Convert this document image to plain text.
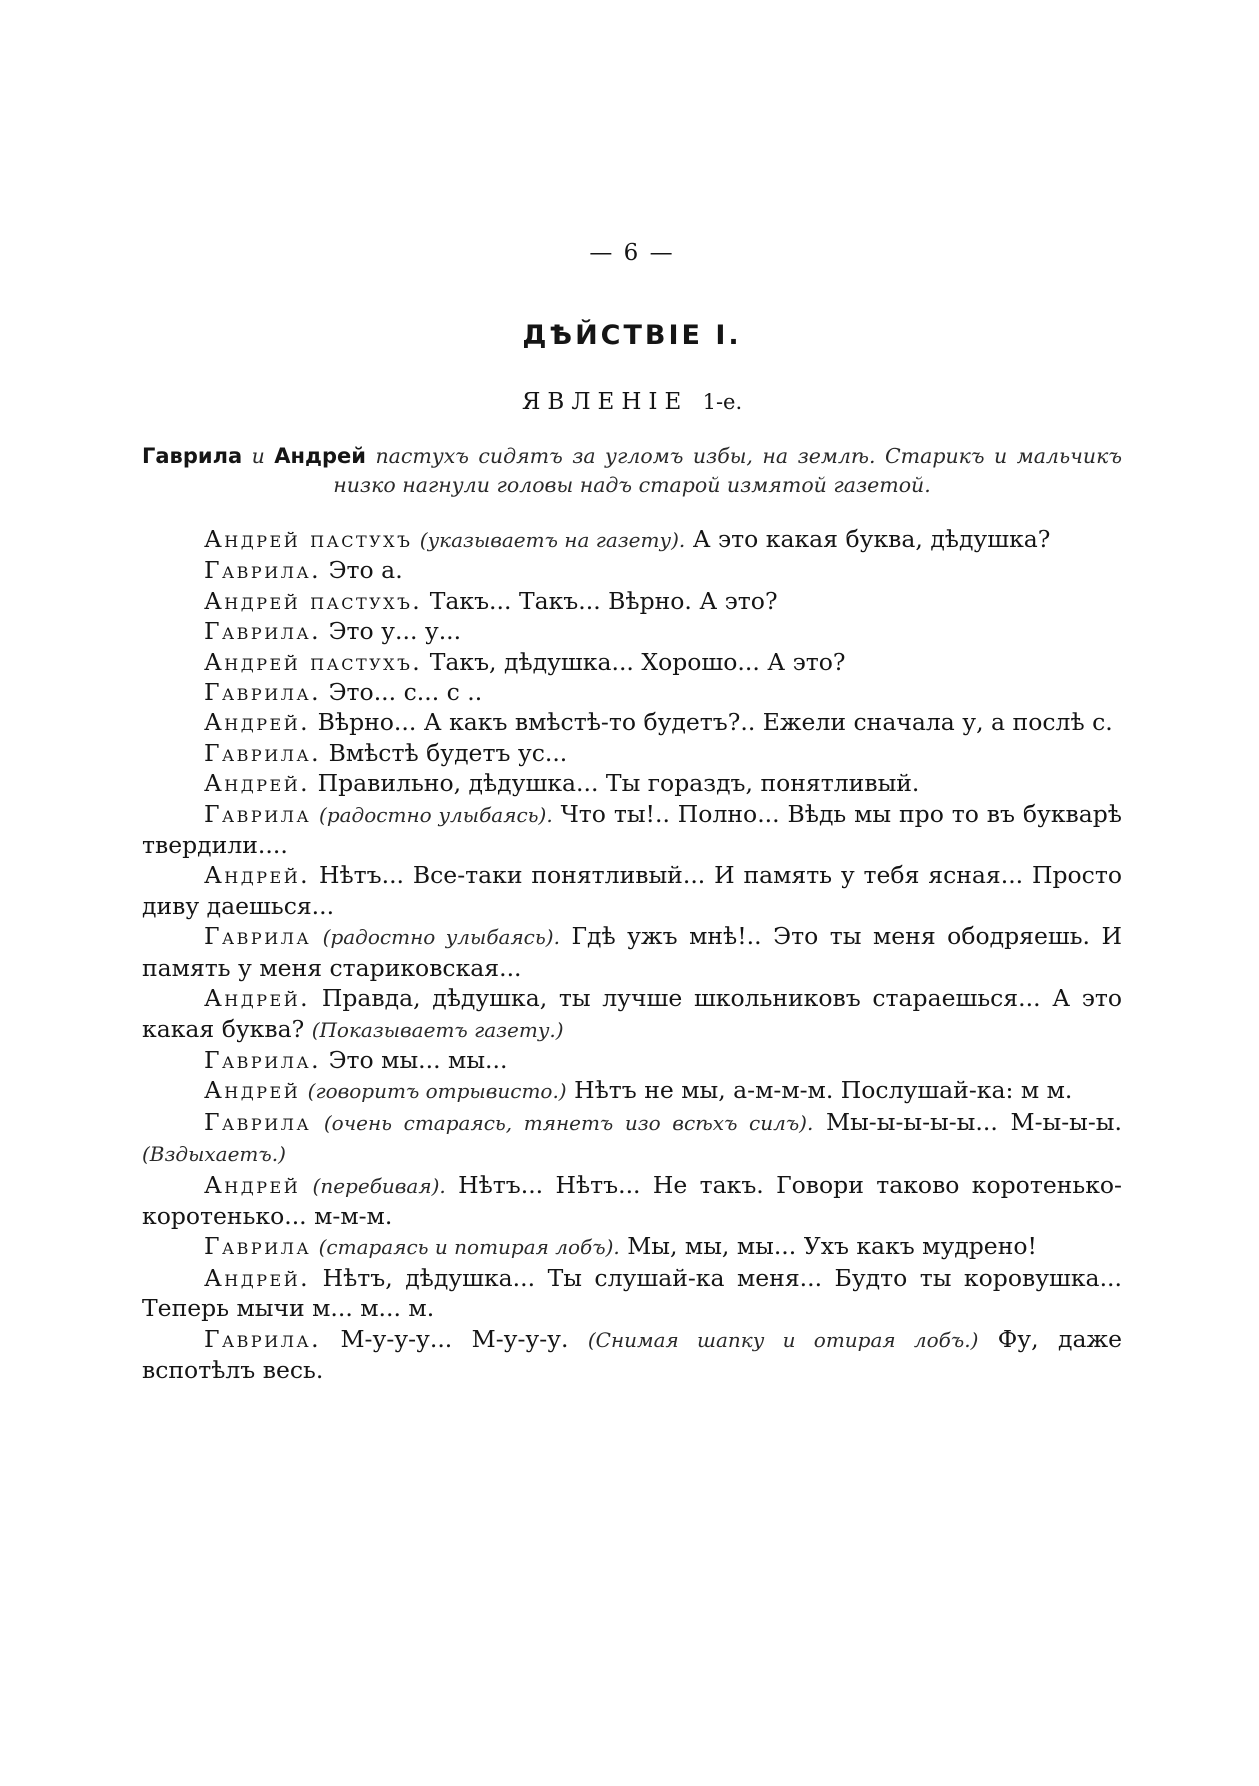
— 6 —
ДѢЙСТВІЕ І.
ЯВЛЕНІЕ 1-е.
Гаврила и Андрей пастухъ сидятъ за угломъ избы, на землѣ. Старикъ и мальчикъ низко нагнули головы надъ старой измятой газетой.

Андрей пастухъ (указываетъ на газету). А это какая буква, дѣдушка?

Гаврила. Это а.

Андрей пастухъ. Такъ... Такъ... Вѣрно. А это?

Гаврила. Это у... у...

Андрей пастухъ. Такъ, дѣдушка... Хорошо... А это?

Гаврила. Это... с... с ..

Андрей. Вѣрно... А какъ вмѣстѣ-то будетъ?.. Ежели сначала у, а послѣ с.

Гаврила. Вмѣстѣ будетъ ус...

Андрей. Правильно, дѣдушка... Ты гораздъ, понятливый.

Гаврила (радостно улыбаясь). Что ты!.. Полно... Вѣдь мы про то въ букварѣ твердили....

Андрей. Нѣтъ... Все-таки понятливый... И память у тебя ясная... Просто диву даешься...

Гаврила (радостно улыбаясь). Гдѣ ужъ мнѣ!.. Это ты меня ободряешь. И память у меня стариковская...

Андрей. Правда, дѣдушка, ты лучше школьниковъ стараешься... А это какая буква? (Показываетъ газету.)

Гаврила. Это мы... мы...

Андрей (говоритъ отрывисто.) Нѣтъ не мы, а-м-м-м. Послушай-ка: м м.

Гаврила (очень стараясь, тянетъ изо всѣхъ силъ). Мы-ы-ы-ы-ы... М-ы-ы-ы. (Вздыхаетъ.)

Андрей (перебивая). Нѣтъ... Нѣтъ... Не такъ. Говори таково коротенько-коротенько... м-м-м.

Гаврила (стараясь и потирая лобъ). Мы, мы, мы... Ухъ какъ мудрено!

Андрей. Нѣтъ, дѣдушка... Ты слушай-ка меня... Будто ты коровушка... Теперь мычи м... м... м.

Гаврила. М-у-у-у... М-у-у-у. (Снимая шапку и отирая лобъ.) Фу, даже вспотѣлъ весь.
